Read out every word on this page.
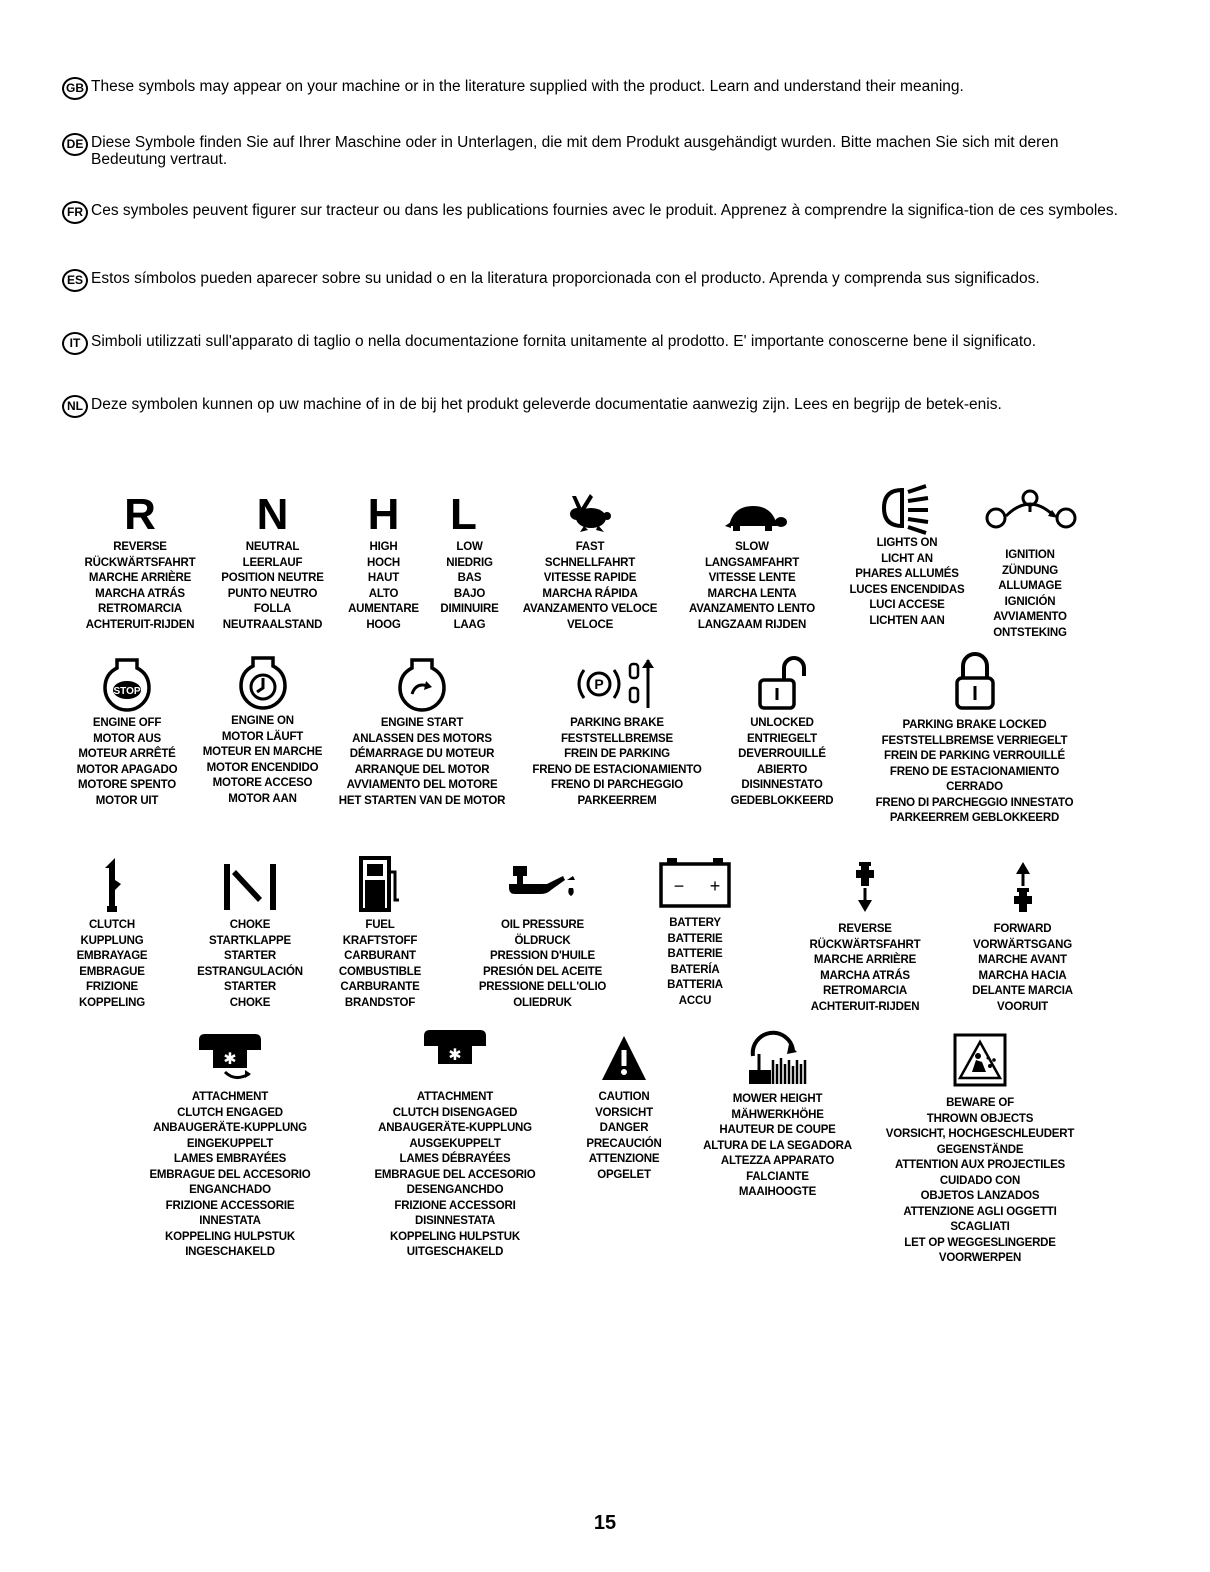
GB These symbols may appear on your machine or in the literature supplied with the product. Learn and understand their meaning.
DE Diese Symbole finden Sie auf Ihrer Maschine oder in Unterlagen, die mit dem Produkt ausgehändigt wurden. Bitte machen Sie sich mit deren Bedeutung vertraut.
FR Ces symboles peuvent figurer sur tracteur ou dans les publications fournies avec le produit. Apprenez à comprendre la significa-tion de ces symboles.
ES Estos símbolos pueden aparecer sobre su unidad o en la literatura proporcionada con el producto. Aprenda y comprenda sus significados.
IT Simboli utilizzati sull'apparato di taglio o nella documentazione fornita unitamente al prodotto. E' importante conoscerne bene il significato.
NL Deze symbolen kunnen op uw machine of in de bij het produkt geleverde documentatie aanwezig zijn. Lees en begrijp de betek-enis.
R
REVERSE
RÜCKWÄRTSFAHRT
MARCHE ARRIÈRE
MARCHA ATRÁS
RETROMARCIA
ACHTERUIT-RIJDEN
N
NEUTRAL
LEERLAUF
POSITION NEUTRE
PUNTO NEUTRO
FOLLA
NEUTRAALSTAND
H
HIGH
HOCH
HAUT
ALTO
AUMENTARE
HOOG
L
LOW
NIEDRIG
BAS
BAJO
DIMINUIRE
LAAG
FAST
SCHNELLFAHRT
VITESSE RAPIDE
MARCHA RÁPIDA
AVANZAMENTO VELOCE
VELOCE
SLOW
LANGSAMFAHRT
VITESSE LENTE
MARCHA LENTA
AVANZAMENTO LENTO
LANGZAAM RIJDEN
LIGHTS ON
LICHT AN
PHARES ALLUMÉS
LUCES ENCENDIDAS
LUCI ACCESE
LICHTEN AAN
IGNITION
ZÜNDUNG
ALLUMAGE
IGNICIÓN
AVVIAMENTO
ONTSTEKING
STOP
ENGINE OFF
MOTOR AUS
MOTEUR ARRÊTÉ
MOTOR APAGADO
MOTORE SPENTO
MOTOR UIT
ENGINE ON
MOTOR LÄUFT
MOTEUR EN MARCHE
MOTOR ENCENDIDO
MOTORE ACCESO
MOTOR AAN
ENGINE START
ANLASSEN DES MOTORS
DÉMARRAGE DU MOTEUR
ARRANQUE DEL MOTOR
AVVIAMENTO DEL MOTORE
HET STARTEN VAN DE MOTOR
P
PARKING BRAKE
FESTSTELLBREMSE
FREIN DE PARKING
FRENO DE ESTACIONAMIENTO
FRENO DI PARCHEGGIO
PARKEERREM
UNLOCKED
ENTRIEGELT
DEVERROUILLÉ
ABIERTO
DISINNESTATO
GEDEBLOKKEERD
PARKING BRAKE LOCKED
FESTSTELLBREMSE VERRIEGELT
FREIN DE PARKING VERROUILLÉ
FRENO DE ESTACIONAMIENTO
CERRADO
FRENO DI PARCHEGGIO INNESTATO
PARKEERREM GEBLOKKEERD
CLUTCH
KUPPLUNG
EMBRAYAGE
EMBRAGUE
FRIZIONE
KOPPELING
CHOKE
STARTKLAPPE
STARTER
ESTRANGULACIÓN
STARTER
CHOKE
FUEL
KRAFTSTOFF
CARBURANT
COMBUSTIBLE
CARBURANTE
BRANDSTOF
OIL PRESSURE
ÖLDRUCK
PRESSION D'HUILE
PRESIÓN DEL ACEITE
PRESSIONE DELL'OLIO
OLIEDRUK
− +
BATTERY
BATTERIE
BATTERIE
BATERÍA
BATTERIA
ACCU
REVERSE
RÜCKWÄRTSFAHRT
MARCHE ARRIÈRE
MARCHA ATRÁS
RETROMARCIA
ACHTERUIT-RIJDEN
FORWARD
VORWÄRTSGANG
MARCHE AVANT
MARCHA HACIA
DELANTE MARCIA
VOORUIT
✱
ATTACHMENT
CLUTCH ENGAGED
ANBAUGERÄTE-KUPPLUNG
EINGEKUPPELT
LAMES EMBRAYÉES
EMBRAGUE DEL ACCESORIO
ENGANCHADO
FRIZIONE ACCESSORIE
INNESTATA
KOPPELING HULPSTUK
INGESCHAKELD
✱
ATTACHMENT
CLUTCH DISENGAGED
ANBAUGERÄTE-KUPPLUNG
AUSGEKUPPELT
LAMES DÉBRAYÉES
EMBRAGUE DEL ACCESORIO
DESENGANCHDO
FRIZIONE ACCESSORI
DISINNESTATA
KOPPELING HULPSTUK
UITGESCHAKELD
CAUTION
VORSICHT
DANGER
PRECAUCIÓN
ATTENZIONE
OPGELET
MOWER HEIGHT
MÄHWERKHÖHE
HAUTEUR DE COUPE
ALTURA DE LA SEGADORA
ALTEZZA APPARATO
FALCIANTE
MAAIHOOGTE
BEWARE OF
THROWN OBJECTS
VORSICHT, HOCHGESCHLEUDERT
GEGENSTÄNDE
ATTENTION AUX PROJECTILES
CUIDADO CON
OBJETOS LANZADOS
ATTENZIONE AGLI OGGETTI
SCAGLIATI
LET OP WEGGESLINGERDE
VOORWERPEN
15
